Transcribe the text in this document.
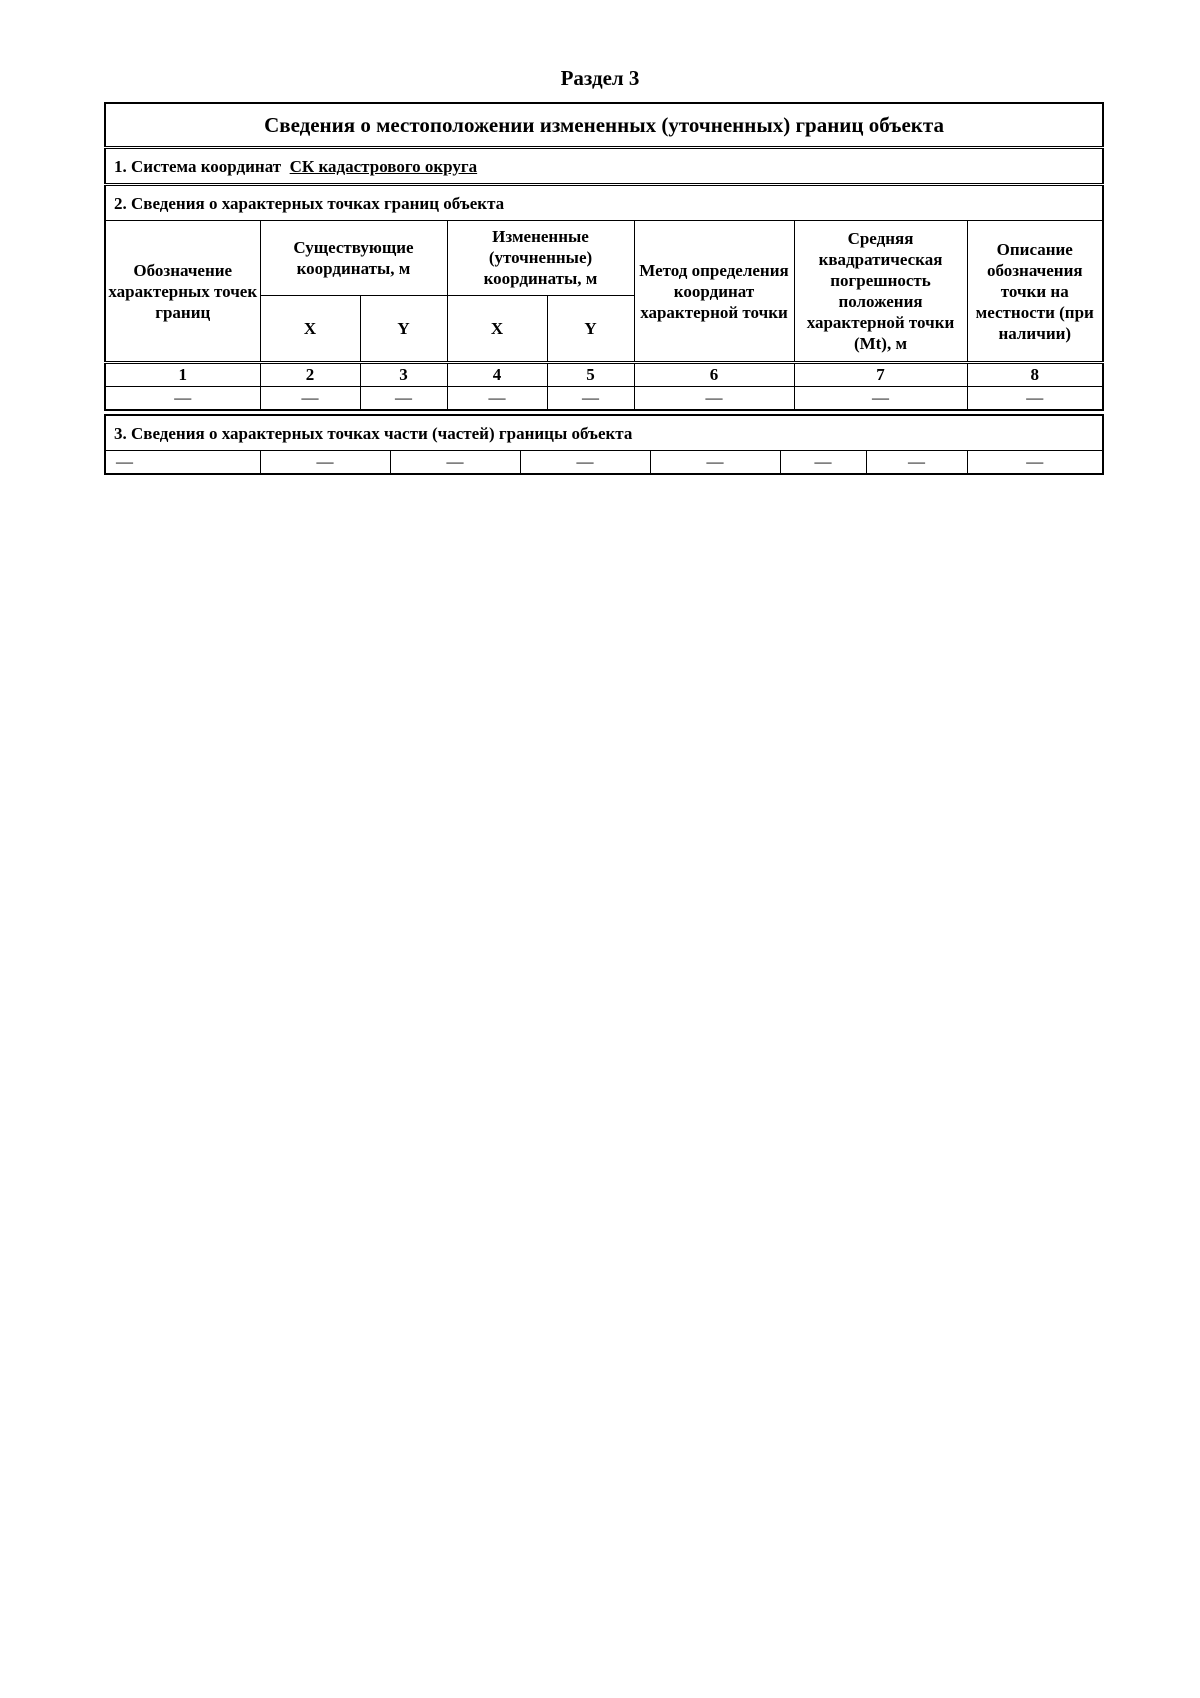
Раздел 3
Сведения о местоположении измененных (уточненных) границ объекта							
1. Система координат СК кадастрового округа							
2. Сведения о характерных точках границ объекта							
Обозначение характерных точек границ	Существующие координаты, м		Измененные (уточненные) координаты, м		Метод определения координат характерной точки	Средняя квадратическая погрешность положения характерной точки (Mt), м	Описание обозначения точки на местности (при наличии)
	X	Y	X	Y			
1	2	3	4	5	6	7	8
—	—	—	—	—	—	—	—
3. Сведения о характерных точках части (частей) границы объекта
—	—	—	—	—	—	—	—
